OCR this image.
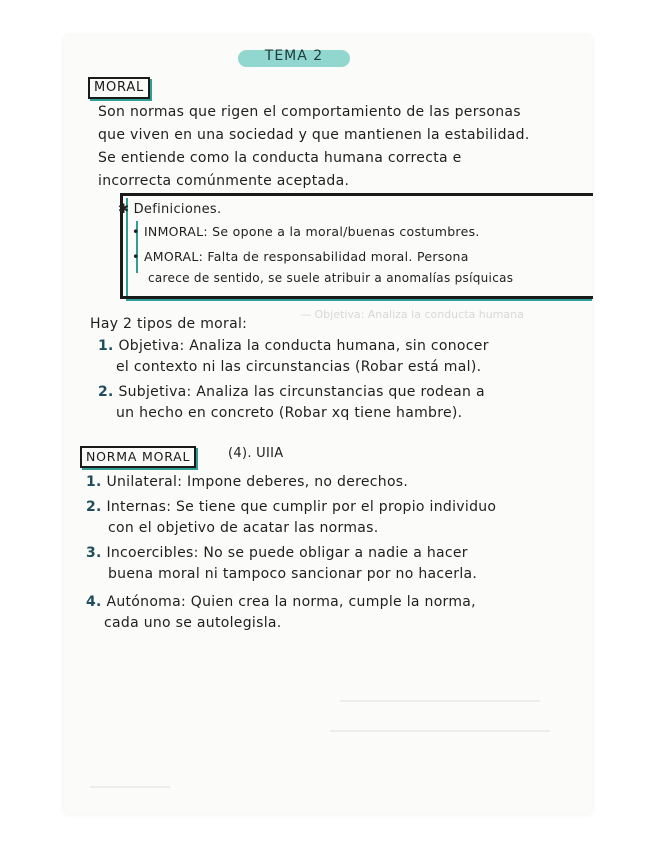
TEMA 2
MORAL
Son normas que rigen el comportamiento de las personas
que viven en una sociedad y que mantienen la estabilidad.
Se entiende como la conducta humana correcta e
incorrecta comúnmente aceptada.
✱ Definiciones.
• INMORAL: Se opone a la moral/buenas costumbres.
• AMORAL: Falta de responsabilidad moral. Persona
carece de sentido, se suele atribuir a anomalías psíquicas
— Objetiva: Analiza la conducta humana
Hay 2 tipos de moral:
1. Objetiva: Analiza la conducta humana, sin conocer
el contexto ni las circunstancias (Robar está mal).
2. Subjetiva: Analiza las circunstancias que rodean a
un hecho en concreto (Robar xq tiene hambre).
NORMA MORAL	(4). UIIA
1. Unilateral: Impone deberes, no derechos.
2. Internas: Se tiene que cumplir por el propio individuo
con el objetivo de acatar las normas.
3. Incoercibles: No se puede obligar a nadie a hacer
buena moral ni tampoco sancionar por no hacerla.
4. Autónoma: Quien crea la norma, cumple la norma,
cada uno se autolegisla.
